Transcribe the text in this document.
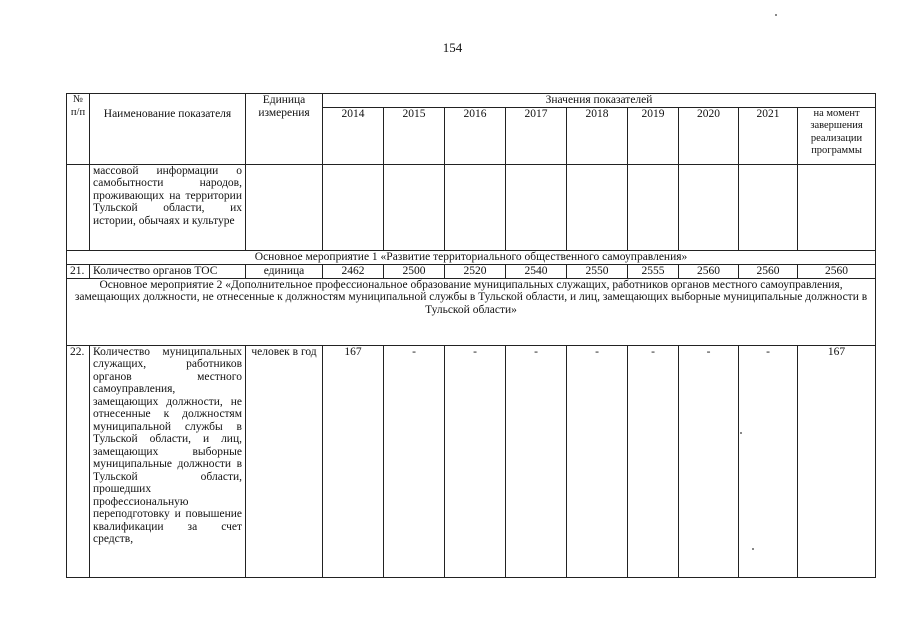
154
№ п/п	Наименование показателя	Единица измерения	Значения показателей								
			2014	2015	2016	2017	2018	2019	2020	2021	на момент завершения реализации программы
	массовой информации о самобытности народов, проживающих на территории Тульской области, их истории, обычаях и культуре										
Основное мероприятие 1 «Развитие территориального общественного самоуправления»											
21.	Количество органов ТОС	единица	2462	2500	2520	2540	2550	2555	2560	2560	2560
Основное мероприятие 2 «Дополнительное профессиональное образование муниципальных служащих, работников органов местного самоуправления, замещающих должности, не отнесенные к должностям муниципальной службы в Тульской области, и лиц, замещающих выборные муниципальные должности в Тульской области»											
22.	Количество муниципальных служащих, работников органов местного самоуправления, замещающих должности, не отнесенные к должностям муниципальной службы в Тульской области, и лиц, замещающих выборные муниципальные должности в Тульской области, прошедших профессиональную переподготовку и повышение квалификации за счет средств,	человек в год	167	-	-	-	-	-	-	-	167
